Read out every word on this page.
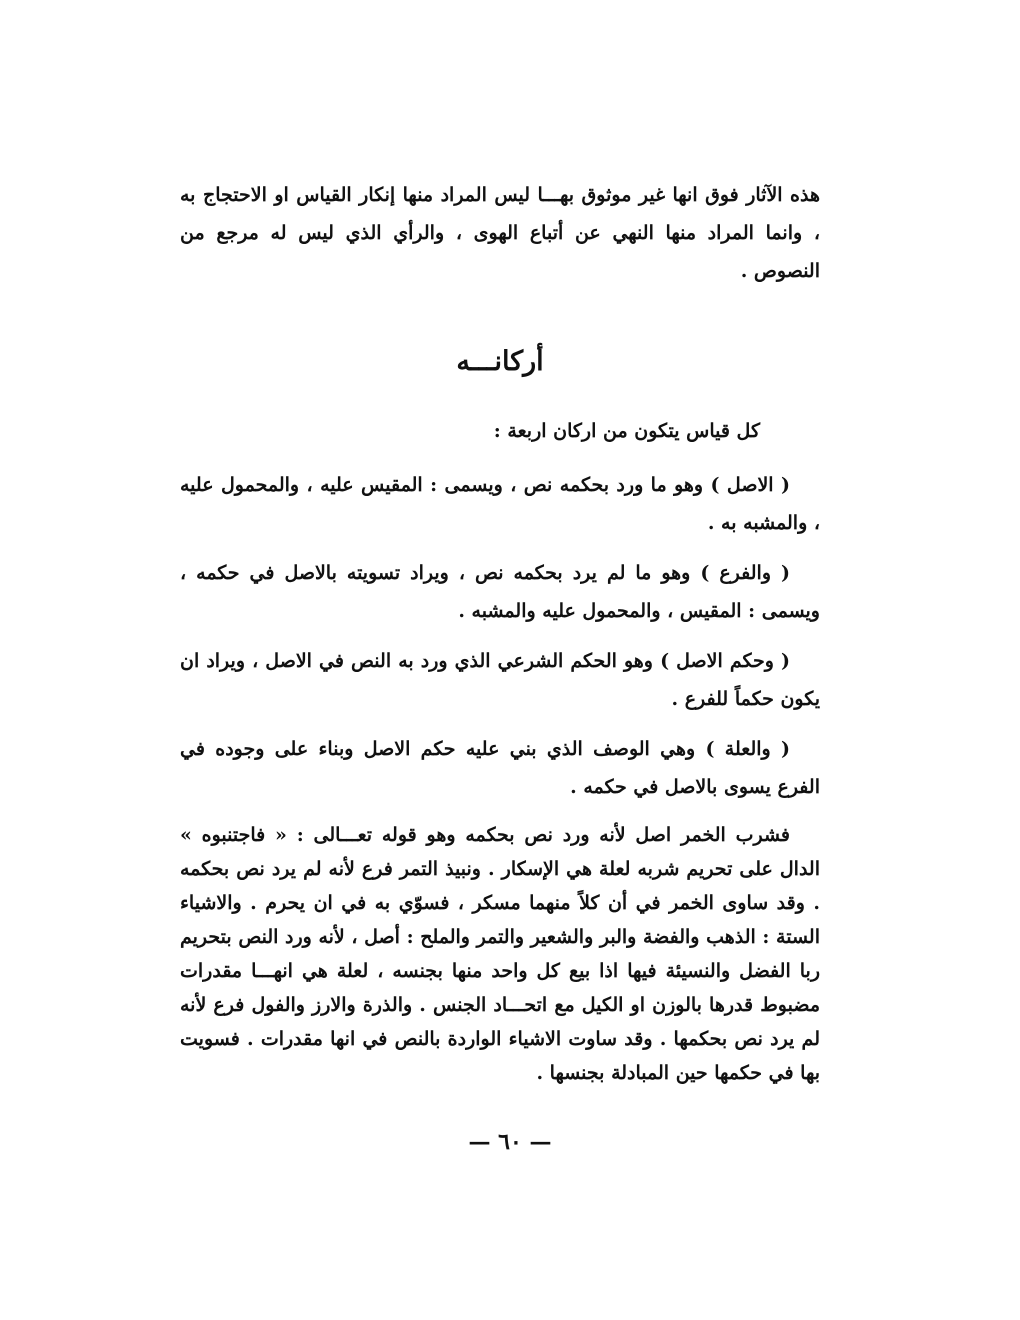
هذه الآثار فوق انها غير موثوق بهـــا ليس المراد منها إنكار القياس او الاحتجاج به ، وانما المراد منها النهي عن أتباع الهوى ، والرأي الذي ليس له مرجع من النصوص .

أركانـــه

كل قياس يتكون من اركان اربعة :

( الاصل ) وهو ما ورد بحكمه نص ، ويسمى : المقيس عليه ، والمحمول عليه ، والمشبه به .

( والفرع ) وهو ما لم يرد بحكمه نص ، ويراد تسويته بالاصل في حكمه ، ويسمى : المقيس ، والمحمول عليه والمشبه .

( وحكم الاصل ) وهو الحكم الشرعي الذي ورد به النص في الاصل ، ويراد ان يكون حكماً للفرع .

( والعلة ) وهي الوصف الذي بني عليه حكم الاصل وبناء على وجوده في الفرع يسوى بالاصل في حكمه .

فشرب الخمر اصل لأنه ورد نص بحكمه وهو قوله تعـــالى : « فاجتنبوه » الدال على تحريم شربه لعلة هي الإسكار . ونبيذ التمر فرع لأنه لم يرد نص بحكمه . وقد ساوى الخمر في أن كلاً منهما مسكر ، فسوّي به في ان يحرم . والاشياء الستة : الذهب والفضة والبر والشعير والتمر والملح : أصل ، لأنه ورد النص بتحريم ربا الفضل والنسيئة فيها اذا بيع كل واحد منها بجنسه ، لعلة هي انهـــا مقدرات مضبوط قدرها بالوزن او الكيل مع اتحـــاد الجنس . والذرة والارز والفول فرع لأنه لم يرد نص بحكمها . وقد ساوت الاشياء الواردة بالنص في انها مقدرات . فسويت بها في حكمها حين المبادلة بجنسها .

— ٦٠ —
